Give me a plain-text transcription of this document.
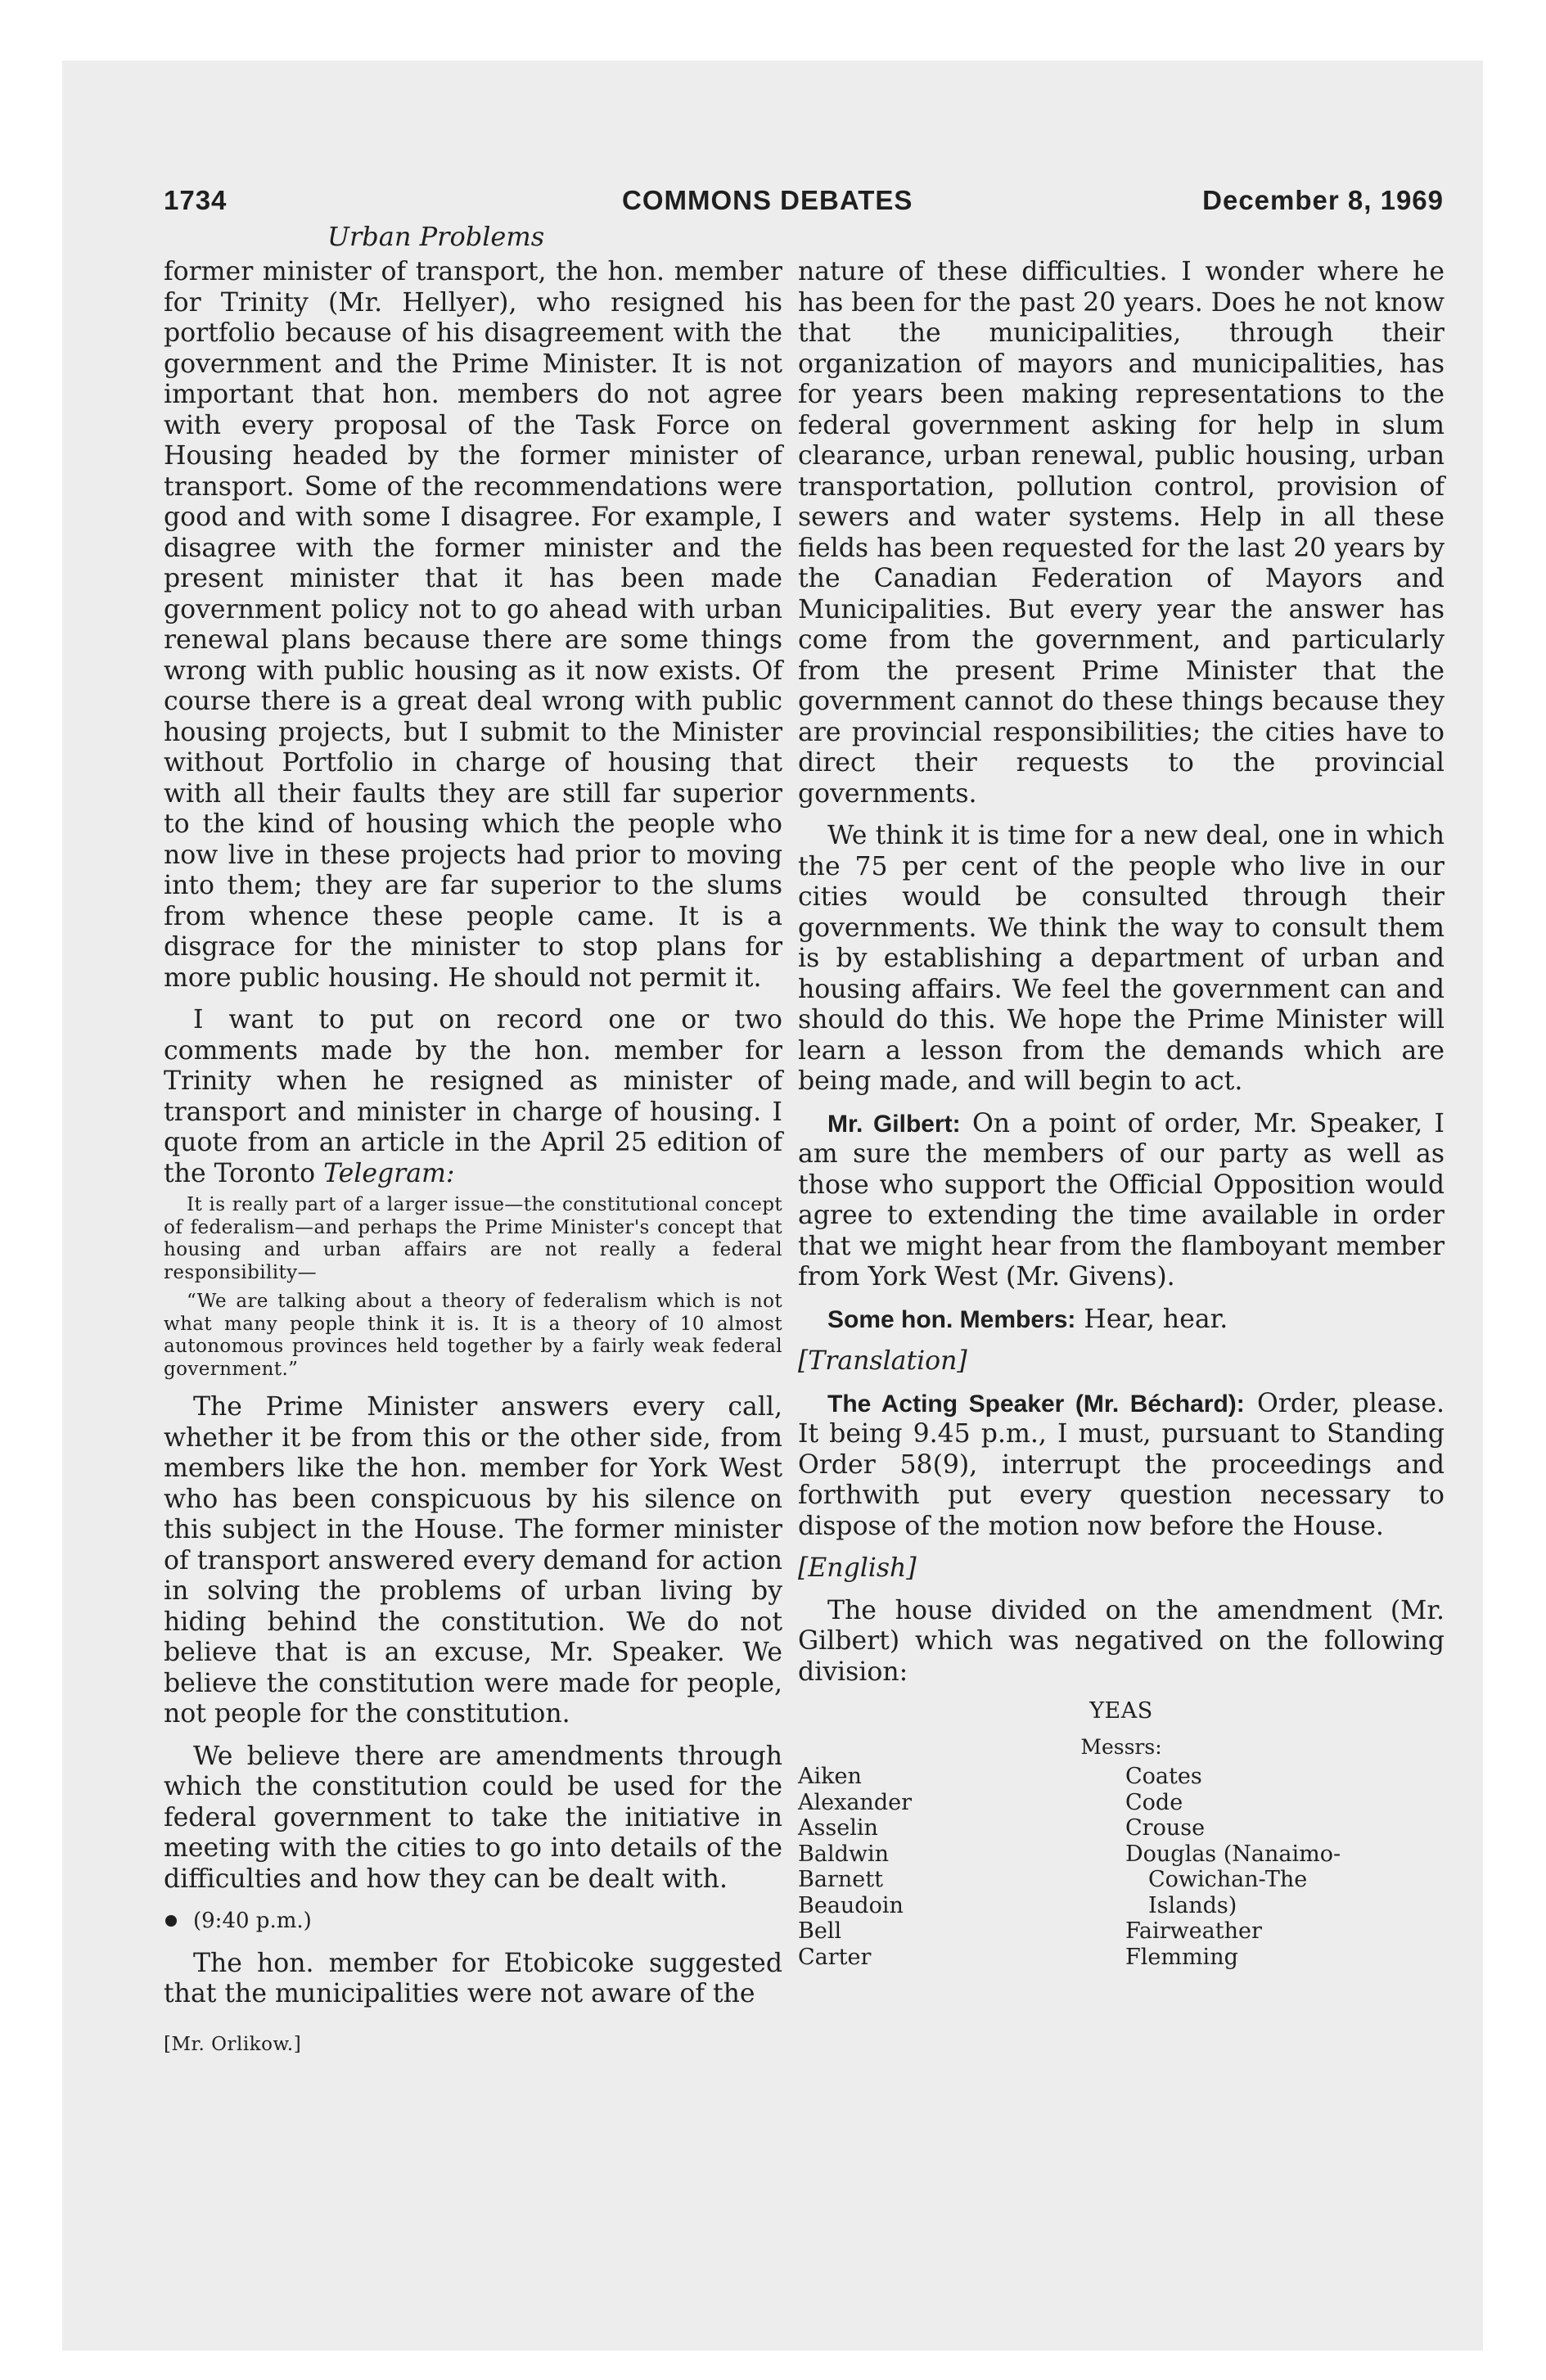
1734	COMMONS DEBATES	December 8, 1969
Urban Problems

former minister of transport, the hon. member for Trinity (Mr. Hellyer), who resigned his portfolio because of his disagreement with the government and the Prime Minister. It is not important that hon. members do not agree with every proposal of the Task Force on Housing headed by the former minister of transport. Some of the recommendations were good and with some I disagree. For example, I disagree with the former minister and the present minister that it has been made government policy not to go ahead with urban renewal plans because there are some things wrong with public housing as it now exists. Of course there is a great deal wrong with public housing projects, but I submit to the Minister without Portfolio in charge of housing that with all their faults they are still far superior to the kind of housing which the people who now live in these projects had prior to moving into them; they are far superior to the slums from whence these people came. It is a disgrace for the minister to stop plans for more public housing. He should not permit it.

I want to put on record one or two comments made by the hon. member for Trinity when he resigned as minister of transport and minister in charge of housing. I quote from an article in the April 25 edition of the Toronto Telegram:

It is really part of a larger issue—the constitutional concept of federalism—and perhaps the Prime Minister's concept that housing and urban affairs are not really a federal responsibility—

“We are talking about a theory of federalism which is not what many people think it is. It is a theory of 10 almost autonomous provinces held together by a fairly weak federal government.”

The Prime Minister answers every call, whether it be from this or the other side, from members like the hon. member for York West who has been conspicuous by his silence on this subject in the House. The former minister of transport answered every demand for action in solving the problems of urban living by hiding behind the constitution. We do not believe that is an excuse, Mr. Speaker. We believe the constitution were made for people, not people for the constitution.

We believe there are amendments through which the constitution could be used for the federal government to take the initiative in meeting with the cities to go into details of the difficulties and how they can be dealt with.

(9:40 p.m.)

The hon. member for Etobicoke suggested that the municipalities were not aware of the

[Mr. Orlikow.]

nature of these difficulties. I wonder where he has been for the past 20 years. Does he not know that the municipalities, through their organization of mayors and municipalities, has for years been making representations to the federal government asking for help in slum clearance, urban renewal, public housing, urban transportation, pollution control, provision of sewers and water systems. Help in all these fields has been requested for the last 20 years by the Canadian Federation of Mayors and Municipalities. But every year the answer has come from the government, and particularly from the present Prime Minister that the government cannot do these things because they are provincial responsibilities; the cities have to direct their requests to the provincial governments.

We think it is time for a new deal, one in which the 75 per cent of the people who live in our cities would be consulted through their governments. We think the way to consult them is by establishing a department of urban and housing affairs. We feel the government can and should do this. We hope the Prime Minister will learn a lesson from the demands which are being made, and will begin to act.

Mr. Gilbert: On a point of order, Mr. Speaker, I am sure the members of our party as well as those who support the Official Opposition would agree to extending the time available in order that we might hear from the flamboyant member from York West (Mr. Givens).

Some hon. Members: Hear, hear.

[Translation]

The Acting Speaker (Mr. Béchard): Order, please. It being 9.45 p.m., I must, pursuant to Standing Order 58(9), interrupt the proceedings and forthwith put every question necessary to dispose of the motion now before the House.

[English]

The house divided on the amendment (Mr. Gilbert) which was negatived on the following division:

YEAS

Messrs:

Aiken
Alexander
Asselin
Baldwin
Barnett
Beaudoin
Bell
Carter
Coates
Code
Crouse
Douglas (Nanaimo-
Cowichan-The
Islands)
Fairweather
Flemming
